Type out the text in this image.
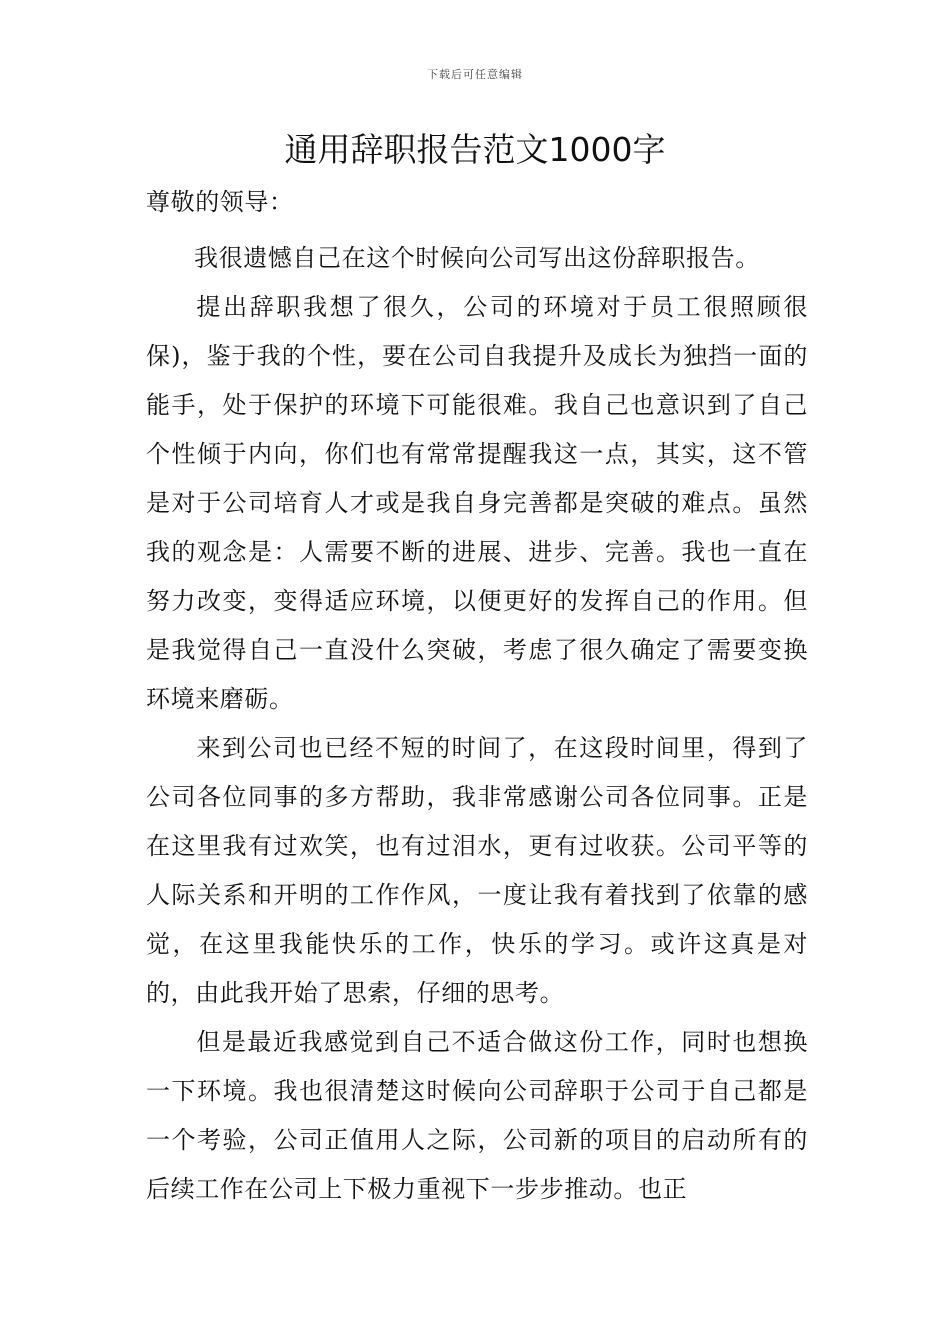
下载后可任意编辑
通用辞职报告范文1000字

尊敬的领导：

我很遗憾自己在这个时候向公司写出这份辞职报告。

提出辞职我想了很久，公司的环境对于员工很照顾很保)，鉴于我的个性，要在公司自我提升及成长为独挡一面的能手，处于保护的环境下可能很难。我自己也意识到了自己个性倾于内向，你们也有常常提醒我这一点，其实，这不管是对于公司培育人才或是我自身完善都是突破的难点。虽然我的观念是：人需要不断的进展、进步、完善。我也一直在努力改变，变得适应环境，以便更好的发挥自己的作用。但是我觉得自己一直没什么突破，考虑了很久确定了需要变换环境来磨砺。

来到公司也已经不短的时间了，在这段时间里，得到了公司各位同事的多方帮助，我非常感谢公司各位同事。正是在这里我有过欢笑，也有过泪水，更有过收获。公司平等的人际关系和开明的工作作风，一度让我有着找到了依靠的感觉，在这里我能快乐的工作，快乐的学习。或许这真是对的，由此我开始了思索，仔细的思考。

但是最近我感觉到自己不适合做这份工作，同时也想换一下环境。我也很清楚这时候向公司辞职于公司于自己都是一个考验，公司正值用人之际，公司新的项目的启动所有的后续工作在公司上下极力重视下一步步推动。也正
